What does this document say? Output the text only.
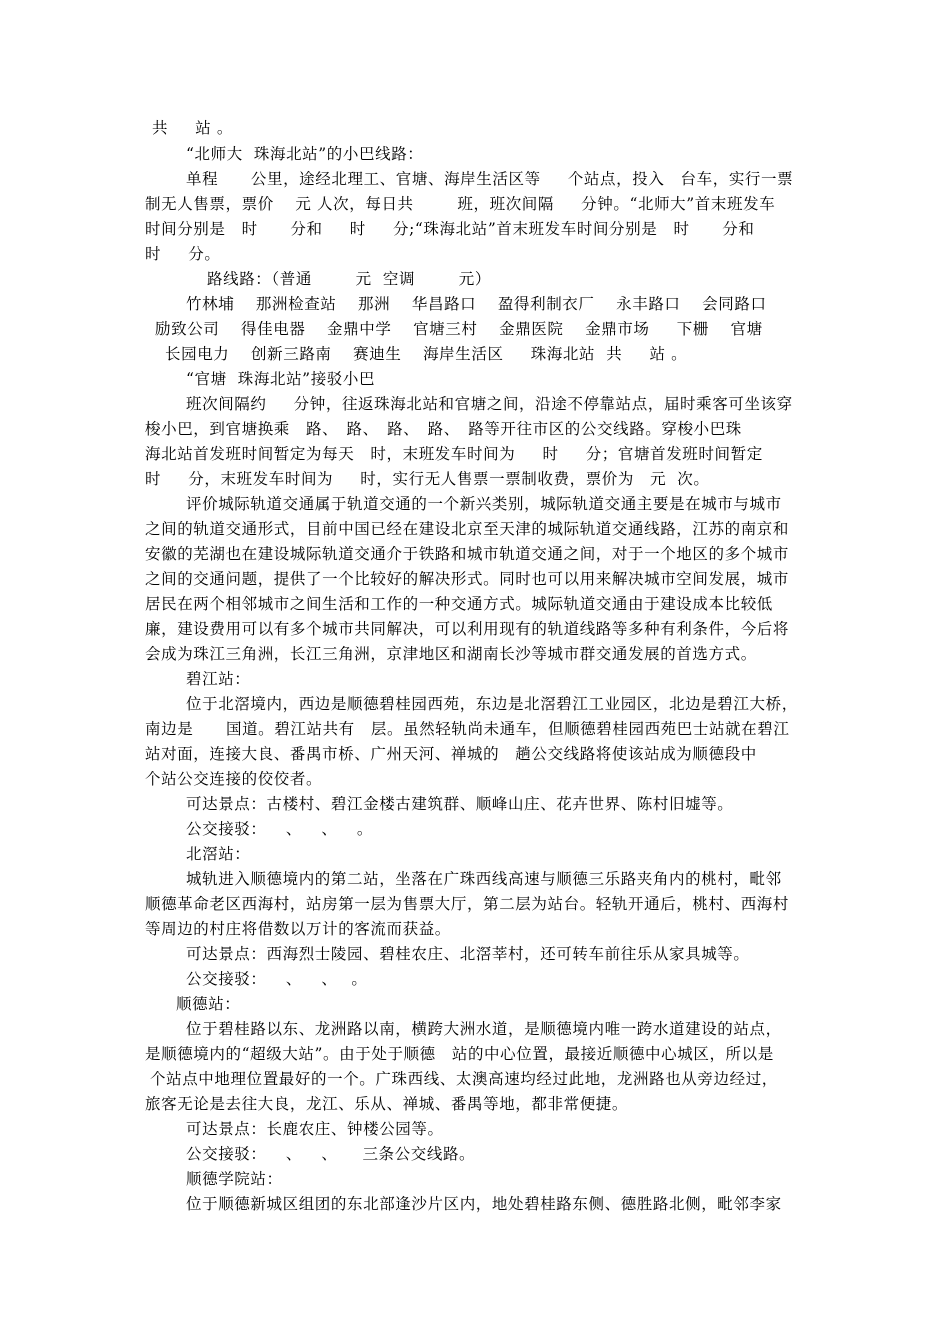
共　  站 。
“北师大  珠海北站”的小巴线路：
单程　   公里，途经北理工、官塘、海岸生活区等　  个站点，投入　台车，实行一票
制无人售票，票价　 元 人次，每日共　     班，班次间隔　  分钟。“北师大”首末班发车
时间分别是　时　   分和　  时　  分;“珠海北站”首末班发车时间分别是　时　   分和
时　  分。
路线路：（普通　     元  空调　     元）
竹林埔　 那洲检查站　 那洲　 华昌路口　 盈得利制衣厂　 永丰路口　 会同路口
励致公司　 得佳电器　 金鼎中学　 官塘三村　 金鼎医院　 金鼎市场　  下栅　 官塘
长园电力　 创新三路南　 赛迪生　 海岸生活区　  珠海北站  共　  站 。
“官塘  珠海北站”接驳小巴
班次间隔约　  分钟，往返珠海北站和官塘之间，沿途不停靠站点，届时乘客可坐该穿
梭小巴，到官塘换乘　路、　路、　路、　路、　路等开往市区的公交线路。穿梭小巴珠
海北站首发班时间暂定为每天　时，末班发车时间为　  时　  分；官塘首发班时间暂定
时　  分，末班发车时间为　  时，实行无人售票一票制收费，票价为　元  次。
评价城际轨道交通属于轨道交通的一个新兴类别，城际轨道交通主要是在城市与城市
之间的轨道交通形式，目前中国已经在建设北京至天津的城际轨道交通线路，江苏的南京和
安徽的芜湖也在建设城际轨道交通介于铁路和城市轨道交通之间，对于一个地区的多个城市
之间的交通问题，提供了一个比较好的解决形式。同时也可以用来解决城市空间发展，城市
居民在两个相邻城市之间生活和工作的一种交通方式。城际轨道交通由于建设成本比较低
廉，建设费用可以有多个城市共同解决，可以利用现有的轨道线路等多种有利条件，今后将
会成为珠江三角洲，长江三角洲，京津地区和湖南长沙等城市群交通发展的首选方式。
碧江站：
位于北滘境内，西边是顺德碧桂园西苑，东边是北滘碧江工业园区，北边是碧江大桥，
南边是　   国道。碧江站共有　层。虽然轻轨尚未通车，但顺德碧桂园西苑巴士站就在碧江
站对面，连接大良、番禺市桥、广州天河、禅城的　趟公交线路将使该站成为顺德段中
个站公交连接的佼佼者。
可达景点：古楼村、碧江金楼古建筑群、顺峰山庄、花卉世界、陈村旧墟等。
公交接驳：　  、　  、　  。
北滘站：
城轨进入顺德境内的第二站，坐落在广珠西线高速与顺德三乐路夹角内的桃村，毗邻
顺德革命老区西海村，站房第一层为售票大厅，第二层为站台。轻轨开通后，桃村、西海村
等周边的村庄将借数以万计的客流而获益。
可达景点：西海烈士陵园、碧桂农庄、北滘莘村，还可转车前往乐从家具城等。
公交接驳：　  、　  、　 。
顺德站：
位于碧桂路以东、龙洲路以南，横跨大洲水道，是顺德境内唯一跨水道建设的站点，
是顺德境内的“超级大站”。由于处于顺德　站的中心位置，最接近顺德中心城区，所以是
个站点中地理位置最好的一个。广珠西线、太澳高速均经过此地，龙洲路也从旁边经过，
旅客无论是去往大良，龙江、乐从、禅城、番禺等地，都非常便捷。
可达景点：长鹿农庄、钟楼公园等。
公交接驳：　  、　  、　   三条公交线路。
顺德学院站：
位于顺德新城区组团的东北部逢沙片区内，地处碧桂路东侧、德胜路北侧，毗邻李家
